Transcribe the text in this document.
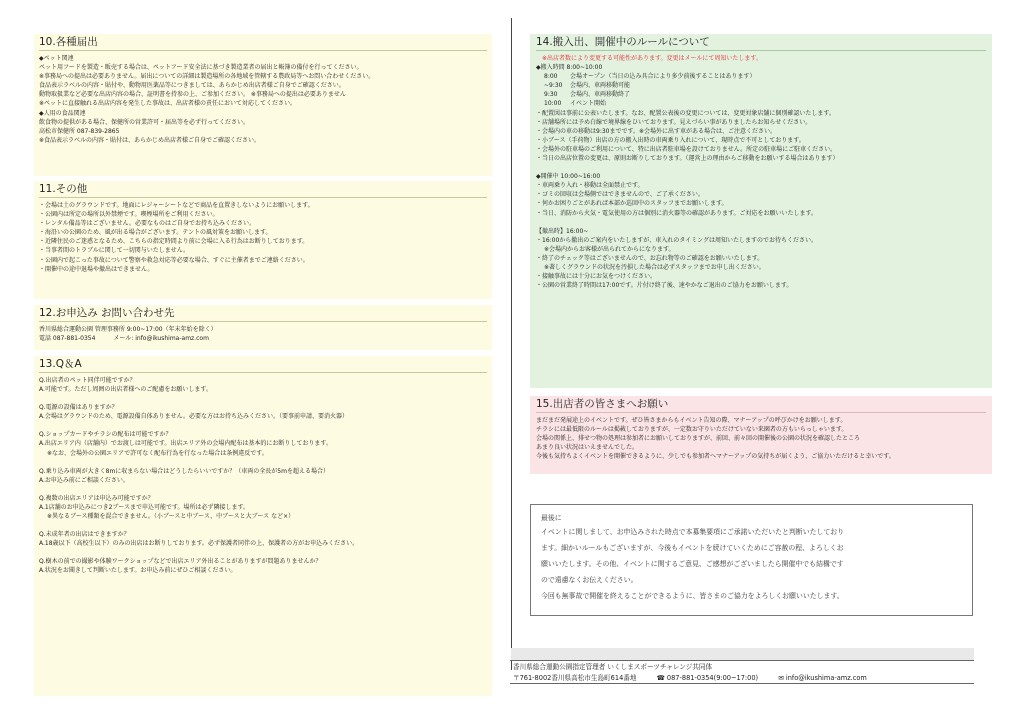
10.各種届出
◆ペット関連
ペット用フードを製造・販売する場合は、ペットフード安全法に基づき製造業者の届出と帳簿の備付を行ってください。
※事務局への提出は必要ありません。届出についての詳細は製造場所の各地域を管轄する農政局等へお問い合わせください。
食品表示ラベルの内容・貼付や、動物用医薬品等につきましては、あらかじめ出店者様ご自身でご確認ください。
動物取扱業など必要な出店内容の場合、証明書を持参の上、ご参加ください。 ※事務局への提出は必要ありません
※ペットに直接触れる出店内容を発生した事故は、出店者様の責任において対応してください。
◆人用の食品関連
飲食物の提供がある場合、保健所の営業許可・届出等を必ず行ってください。
高松市保健所 087-839-2865
※食品表示ラベルの内容・貼付は、あらかじめ出店者様ご自身でご確認ください。
11.その他
・会場は土のグラウンドです。地面にレジャーシートなどで商品を直置きしないようにお願いします。
・公園内は所定の場所以外禁煙です。喫煙場所をご利用ください。
・レンタル備品等はございません。必要なものはご自身でお持ち込みください。
・海沿いの公園のため、風が出る場合がございます。テントの風対策をお願いします。
・近隣住民のご迷惑となるため、こちらの指定時間より前に会場に入る行為はお断りしております。
・当事者間のトラブルに関して一切関与いたしません。
・公園内で起こった事故について警察や救急対応等必要な場合、すぐに主催者までご連絡ください。
・開催中の途中退場や撤出はできません。
12.お申込み お問い合わせ先
香川県総合運動公園 管理事務所 9:00~17:00（年末年始を除く）
電話 087-881-0354　　　メール: info@ikushima-amz.com
13.Q＆A
Q.出店者のペット同伴可能ですか？
A.可能です。ただし周囲の出店者様へのご配慮をお願いします。
Q.電源の設備はありますか？
A.会場はグラウンドのため、電源設備自体ありません。必要な方はお持ち込みください。（要事前申請、要消火器）
Q.ショップカードやチラシの配布は可能ですか？
A.出店エリア内（店舗内）でお渡しは可能です。出店エリア外の会場内配布は基本的にお断りしております。
※なお、会場外の公園エリアで許可なく配布行為を行なった場合は条例違反です。
Q.乗り込み車両が大きく8mに収まらない場合はどうしたらいいですか？（車両の全長が5mを超える場合）
A.お申込み前にご相談ください。
Q.複数の出店エリアは申込み可能ですか？
A.1店舗のお申込みにつき2ブースまで申込可能です。場所は必ず隣接します。
※異なるブース種類を混合できません。（小ブースと中ブース、中ブースと大ブース など×）
Q.未成年者の出店はできますか？
A.18歳以下（高校生以下）のみの出店はお断りしております。必ず保護者同伴の上、保護者の方がお申込みください。
Q.樹木の前での撮影や体験ワークショップなどで出店エリア外出ることがありますが問題ありませんか？
A.状況をお聞きして判断いたします。お申込み前にぜひご相談ください。
14.搬入出、開催中のルールについて
※出店者数により変更する可能性があります。変更はメールにて周知いたします。
◆搬入時間 8:00~10:00
8:00	会場オープン（当日の込み具合により多少前後することはあります）
~9:30	会場内、車両移動可能
9:30	会場内、車両移動終了
10:00	イベント開始
・配置図は事前に公表いたします。なお、配置公表後の変更については、変更対象店舗に個別確認いたします。
・店舗場所には予め白線で境界線をひいております。見えづらい事がありましたらお知らせください。
・会場内の車の移動は9:30までです。※会場外に出す車がある場合は、ご注意ください。
・小ブース（手荷物）出店の方の搬入出時の車両乗り入れについて、現時点で不可としております。
・会場外の駐車場のご利用について、特に出店者駐車場を設けておりません。所定の駐車場にご駐車ください。
・当日の出店位置の変更は、原則お断りしております。（運営上の理由からご移動をお願いする場合はあります）
◆開催中 10:00~16:00
・車両乗り入れ・移動は全面禁止です。
・ゴミの回収は会場側ではできませんので、ご了承ください。
・何かお困りごとがあれば本部か巡回中のスタッフまでお願いします。
・当日、消防から火気・電気使用の方は個別に消火器等の確認があります。ご対応をお願いいたします。
【撤出時】16:00~
・16:00から撤出のご案内をいたしますが、車入れのタイミングは周知いたしますのでお待ちください。
※会場内からお客様が出られてからになります。
・終了のチェック等はございませんので、お忘れ物等のご確認をお願いいたします。
※著しくグラウンドの状況を汚損した場合は必ずスタッフまでお申し出ください。
・接触事故には十分にお気をつけください。
・公園の営業終了時間は17:00です。片付け終了後、速やかなご退出のご協力をお願いします。
15.出店者の皆さまへお願い
まだまだ発展途上のイベントです。ぜひ皆さまからもイベント告知の際、マナーアップの呼びかけをお願いします。
チラシには最低限のルールは掲載しておりますが、一定数お守りいただけていない来園者の方もいらっしゃいます。
会場の関係上、排せつ物の処理は参加者にお願いしておりますが、前回、前々回の開催後の公園の状況を確認したところ
あまり良い状況はいえませんでした。
今後も気持ちよくイベントを開催できるように、少しでも参加者へマナーアップの気持ちが届くよう、ご協力いただけると幸いです。
最後に
イベントに関しまして、お申込みされた時点で本募集要項にご承諾いただいたと判断いたしており
ます。細かいルールもございますが、今後もイベントを続けていくためにご容赦の程、よろしくお
願いいたします。その他、イベントに関するご意見、ご感想がございましたら開催中でも結構です
ので遠慮なくお伝えください。
今回も無事故で開催を終えることができるように、皆さまのご協力をよろしくお願いいたします。
香川県総合運動公園指定管理者 いくしまスポーツチャレンジ共同体
〒761-8002香川県高松市生島町614番地	☎ 087-881-0354(9:00~17:00)	✉ info@ikushima-amz.com
